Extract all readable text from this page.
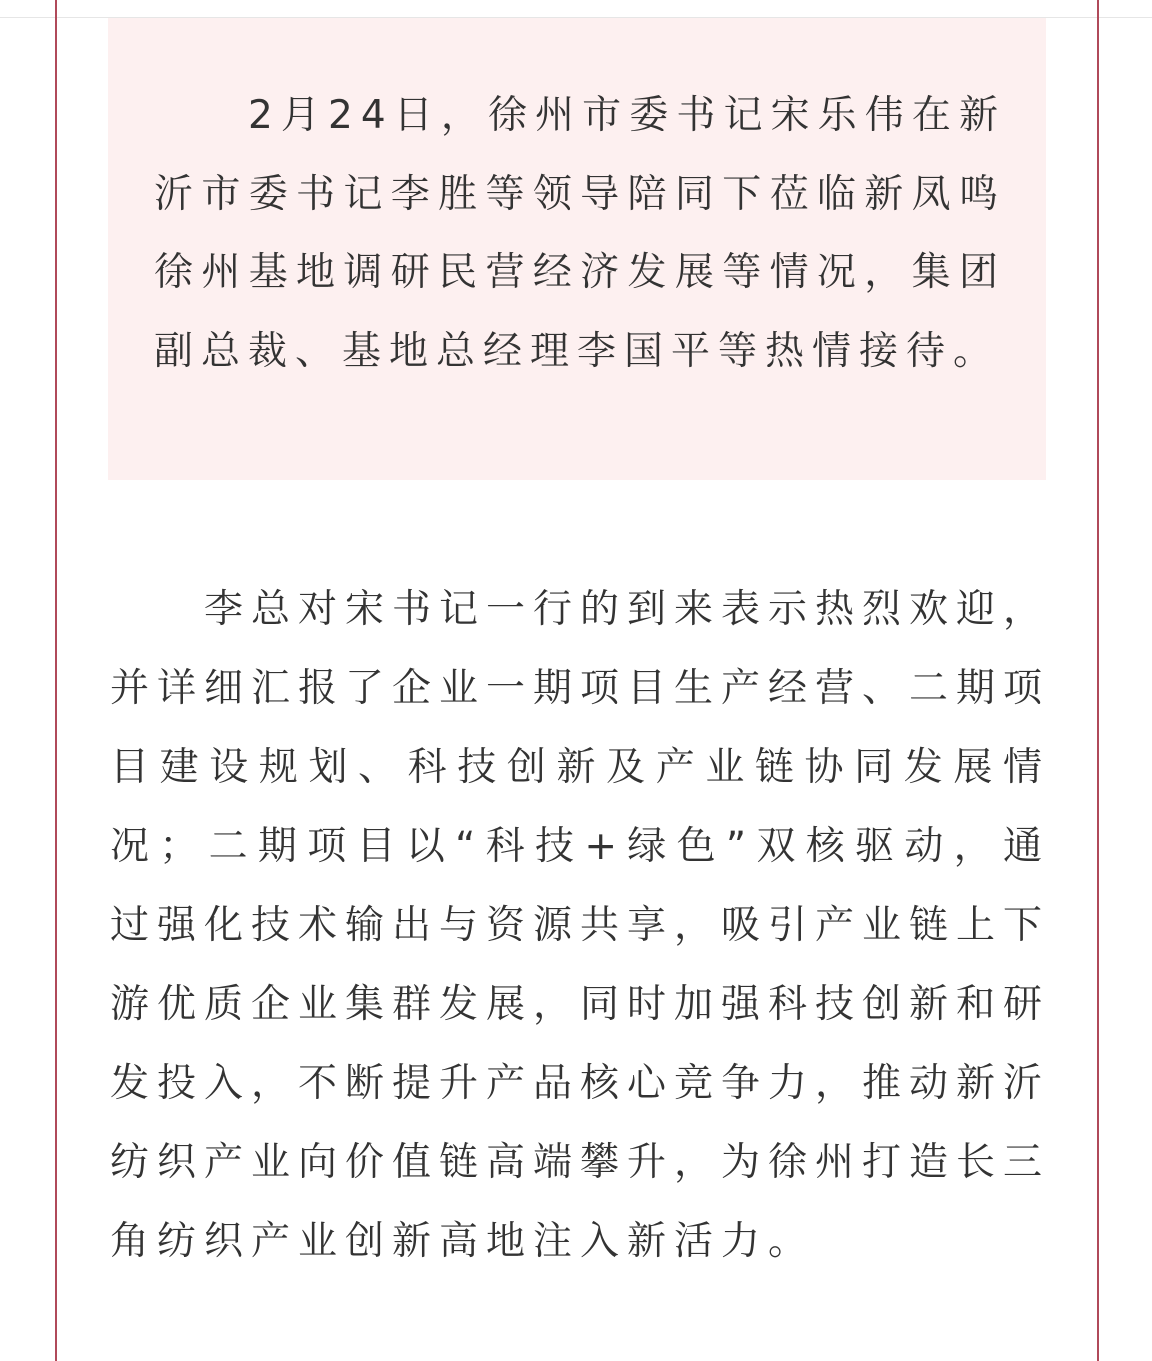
2月24日，徐州市委书记宋乐伟在新沂市委书记李胜等领导陪同下莅临新凤鸣徐州基地调研民营经济发展等情况，集团副总裁、基地总经理李国平等热情接待。

李总对宋书记一行的到来表示热烈欢迎，并详细汇报了企业一期项目生产经营、二期项目建设规划、科技创新及产业链协同发展情况；二期项目以“科技+绿色”双核驱动，通过强化技术输出与资源共享，吸引产业链上下游优质企业集群发展，同时加强科技创新和研发投入，不断提升产品核心竞争力，推动新沂纺织产业向价值链高端攀升，为徐州打造长三角纺织产业创新高地注入新活力。
